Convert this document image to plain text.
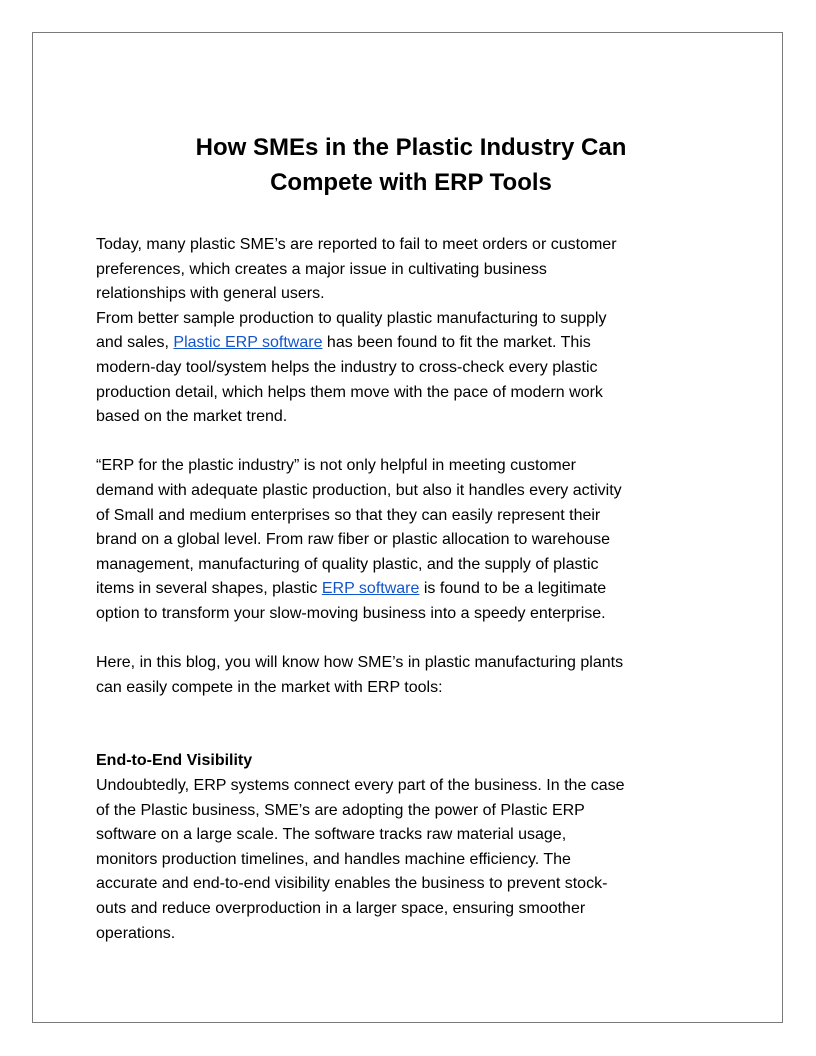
How SMEs in the Plastic Industry Can
Compete with ERP Tools

Today, many plastic SME’s are reported to fail to meet orders or customer
preferences, which creates a major issue in cultivating business
relationships with general users.

From better sample production to quality plastic manufacturing to supply
and sales, Plastic ERP software has been found to fit the market. This
modern-day tool/system helps the industry to cross-check every plastic
production detail, which helps them move with the pace of modern work
based on the market trend.

“ERP for the plastic industry” is not only helpful in meeting customer
demand with adequate plastic production, but also it handles every activity
of Small and medium enterprises so that they can easily represent their
brand on a global level. From raw fiber or plastic allocation to warehouse
management, manufacturing of quality plastic, and the supply of plastic
items in several shapes, plastic ERP software is found to be a legitimate
option to transform your slow-moving business into a speedy enterprise.

Here, in this blog, you will know how SME’s in plastic manufacturing plants
can easily compete in the market with ERP tools:

End-to-End Visibility

Undoubtedly, ERP systems connect every part of the business. In the case
of the Plastic business, SME’s are adopting the power of Plastic ERP
software on a large scale. The software tracks raw material usage,
monitors production timelines, and handles machine efficiency. The
accurate and end-to-end visibility enables the business to prevent stock-
outs and reduce overproduction in a larger space, ensuring smoother
operations.
